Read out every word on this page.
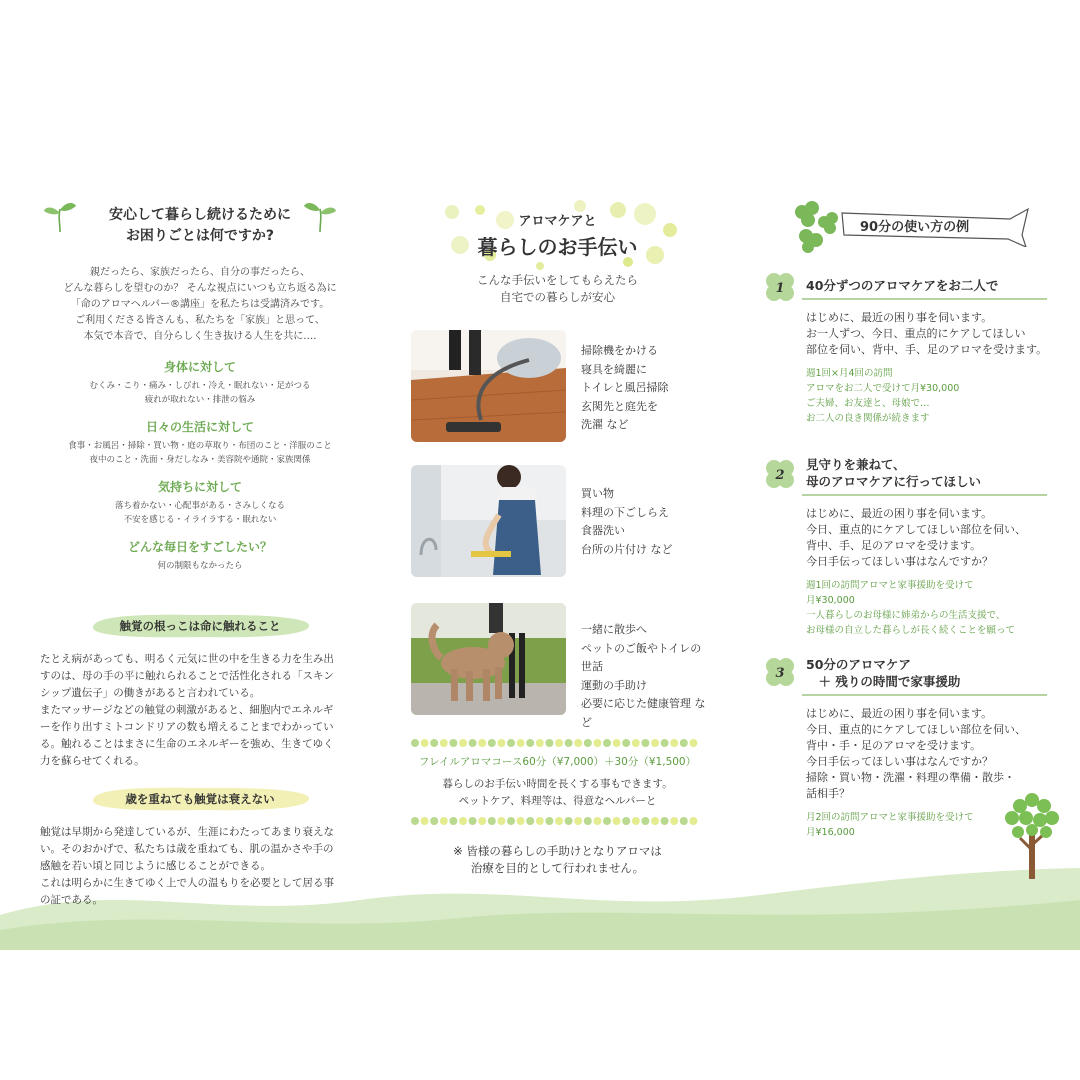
安心して暮らし続けるために
お困りごとは何ですか?
親だったら、家族だったら、自分の事だったら、
どんな暮らしを望むのか？ そんな視点にいつも立ち返る為に
「命のアロマヘルパー®講座」を私たちは受講済みです。
ご利用くださる皆さんも、私たちを「家族」と思って、
本気で本音で、自分らしく生き抜ける人生を共に….
身体に対して
むくみ・こり・痛み・しびれ・冷え・眠れない・足がつる
疲れが取れない・排泄の悩み
日々の生活に対して
食事・お風呂・掃除・買い物・庭の草取り・布団のこと・洋服のこと
夜中のこと・洗面・身だしなみ・美容院や通院・家族関係
気持ちに対して
落ち着かない・心配事がある・さみしくなる
不安を感じる・イライラする・眠れない
どんな毎日をすごしたい？
何の制限もなかったら
触覚の根っこは命に触れること
たとえ病があっても、明るく元気に世の中を生きる力を生み出
すのは、母の手の平に触れられることで活性化される「スキン
シップ遺伝子」の働きがあると言われている。
またマッサージなどの触覚の刺激があると、細胞内でエネルギ
ーを作り出すミトコンドリアの数も増えることまでわかってい
る。触れることはまさに生命のエネルギーを強め、生きてゆく
力を蘇らせてくれる。
歳を重ねても触覚は衰えない
触覚は早期から発達しているが、生涯にわたってあまり衰えな
い。そのおかげで、私たちは歳を重ねても、肌の温かさや手の
感触を若い頃と同じように感じることができる。
これは明らかに生きてゆく上で人の温もりを必要として居る事
の証である。
アロマケアと
暮らしのお手伝い
こんな手伝いをしてもらえたら
自宅での暮らしが安心
掃除機をかける
寝具を綺麗に
トイレと風呂掃除
玄関先と庭先を
洗濯 など
買い物
料理の下ごしらえ
食器洗い
台所の片付け など
一緒に散歩へ
ペットのご飯やトイレの世話
運動の手助け
必要に応じた健康管理 など
フレイルアロマコース60分（¥7,000）＋30分（¥1,500）
暮らしのお手伝い時間を長くする事もできます。
ペットケア、料理等は、得意なヘルパーと
※ 皆様の暮らしの手助けとなりアロマは
治療を目的として行われません。
90分の使い方の例
1 40分ずつのアロマケアをお二人で
はじめに、最近の困り事を伺います。
お一人ずつ、今日、重点的にケアしてほしい
部位を伺い、背中、手、足のアロマを受けます。
週1回×月4回の訪問
アロマをお二人で受けて月¥30,000
ご夫婦、お友達と、母娘で…
お二人の良き関係が続きます
2
見守りを兼ねて、
母のアロマケアに行ってほしい
はじめに、最近の困り事を伺います。
今日、重点的にケアしてほしい部位を伺い、
背中、手、足のアロマを受けます。
今日手伝ってほしい事はなんですか？
週1回の訪問アロマと家事援助を受けて
月¥30,000
一人暮らしのお母様に姉弟からの生活支援で、
お母様の自立した暮らしが長く続くことを願って
3
50分のアロマケア
　＋ 残りの時間で家事援助
はじめに、最近の困り事を伺います。
今日、重点的にケアしてほしい部位を伺い、
背中・手・足のアロマを受けます。
今日手伝ってほしい事はなんですか？
掃除・買い物・洗濯・料理の準備・散歩・
話相手？
月2回の訪問アロマと家事援助を受けて
月¥16,000
